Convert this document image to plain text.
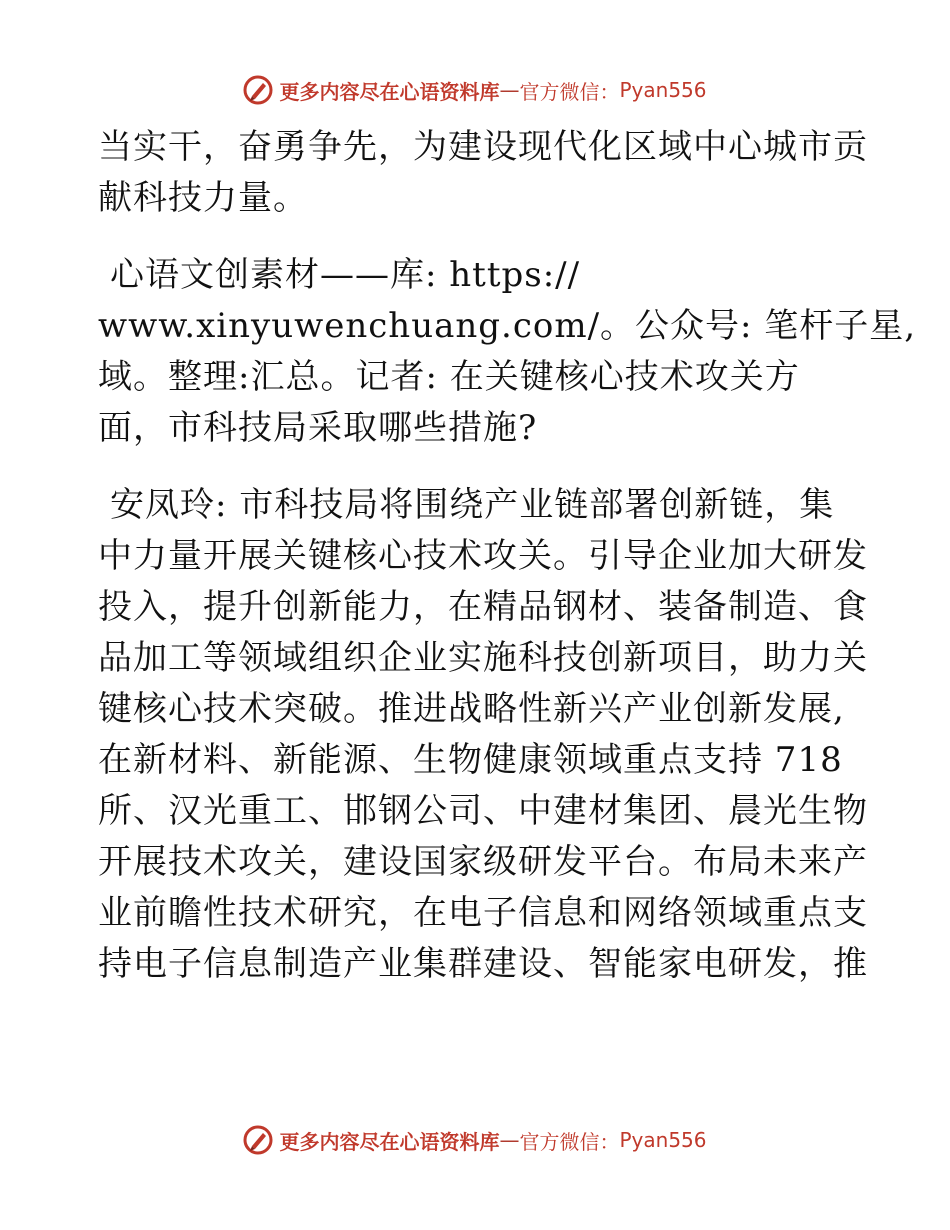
更多内容尽在心语资料库 — 官方微信： Pyan556
当实干，奋勇争先，为建设现代化区域中心城市贡
献科技力量。
心语文创素材——库: https://
www.xinyuwenchuang.com/。公众号: 笔杆子星,
域。整理:汇总。记者: 在关键核心技术攻关方
面，市科技局采取哪些措施?
安凤玲: 市科技局将围绕产业链部署创新链，集
中力量开展关键核心技术攻关。引导企业加大研发
投入，提升创新能力，在精品钢材、装备制造、食
品加工等领域组织企业实施科技创新项目，助力关
键核心技术突破。推进战略性新兴产业创新发展,
在新材料、新能源、生物健康领域重点支持 718
所、汉光重工、邯钢公司、中建材集团、晨光生物
开展技术攻关，建设国家级研发平台。布局未来产
业前瞻性技术研究，在电子信息和网络领域重点支
持电子信息制造产业集群建设、智能家电研发，推
更多内容尽在心语资料库 — 官方微信： Pyan556
